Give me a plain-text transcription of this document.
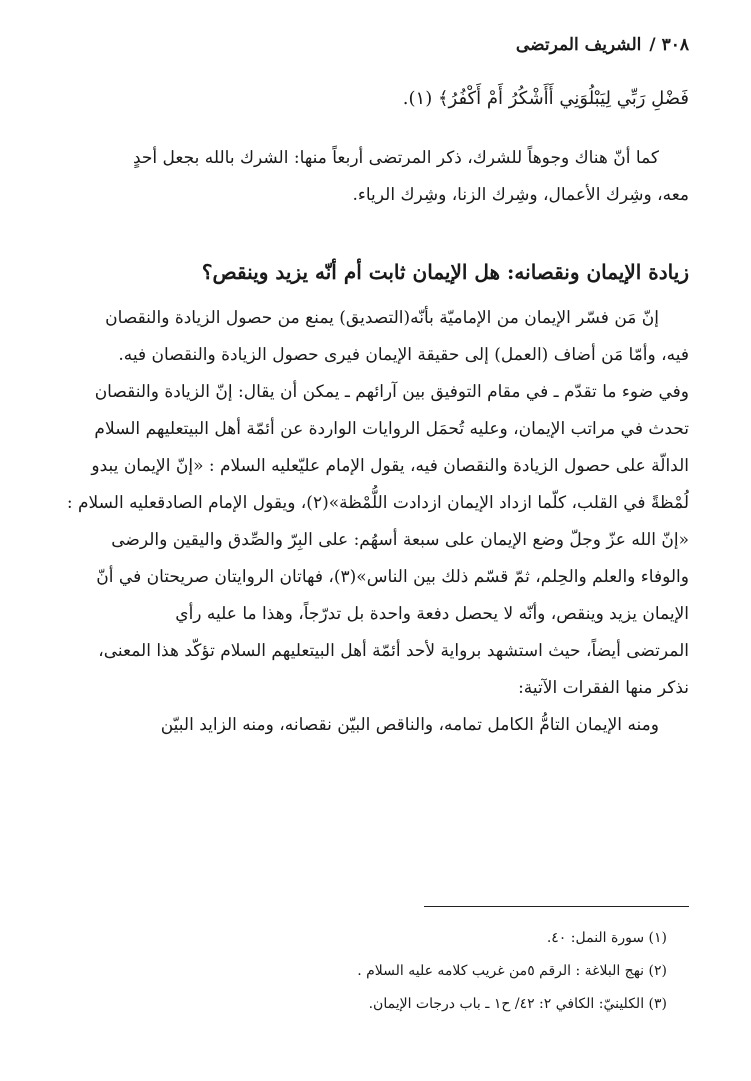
٣٠٨/الشريف المرتضى
فَضْلِ رَبِّي لِيَبْلُوَنِي أَأَشْكُرُ أَمْ أَكْفُرُ﴾ (١).
كما أنّ هناك وجوهاً للشرك، ذكر المرتضى أربعاً منها: الشرك بالله بجعل أحدٍ
معه، وشِرك الأعمال، وشِرك الزنا، وشِرك الرياء.
زيادة الإيمان ونقصانه: هل الإيمان ثابت أم أنّه يزيد وينقص؟
إنّ مَن فسّر الإيمان من الإماميّة بأنّه(التصديق) يمنع من حصول الزيادة والنقصان
فيه، وأمّا مَن أضاف (العمل) إلى حقيقة الإيمان فيرى حصول الزيادة والنقصان فيه.
وفي ضوء ما تقدّم ـ في مقام التوفيق بين آرائهم ـ يمكن أن يقال: إنّ الزيادة والنقصان
تحدث في مراتب الإيمان، وعليه تُحمَل الروايات الواردة عن أئمّة أهل البيتعليهم السلام
الدالّة على حصول الزيادة والنقصان فيه، يقول الإمام عليّعليه السلام : «إنّ الإيمان يبدو
لُمْظةً في القلب، كلّما ازداد الإيمان ازدادت اللُّمْظة»(٢)، ويقول الإمام الصادقعليه السلام :
«إنّ الله عزّ وجلّ وضع الإيمان على سبعة أسهُم: على البِرّ والصِّدق واليقين والرضى
والوفاء والعلم والحِلم، ثمّ قسّم ذلك بين الناس»(٣)، فهاتان الروايتان صريحتان في أنّ
الإيمان يزيد وينقص، وأنّه لا يحصل دفعة واحدة بل تدرّجاً، وهذا ما عليه رأي
المرتضى أيضاً، حيث استشهد برواية لأحد أئمّة أهل البيتعليهم السلام تؤكّد هذا المعنى،
نذكر منها الفقرات الآتية:
ومنه الإيمان التامُّ الكامل تمامه، والناقص البيّن نقصانه، ومنه الزايد البيّن
(١) سورة النمل: ٤٠.
(٢) نهج البلاغة : الرقم ٥من غريب كلامه عليه السلام .
(٣) الكلينيّ: الكافي ٢: ٤٢/ ح١ ـ باب درجات الإيمان.
